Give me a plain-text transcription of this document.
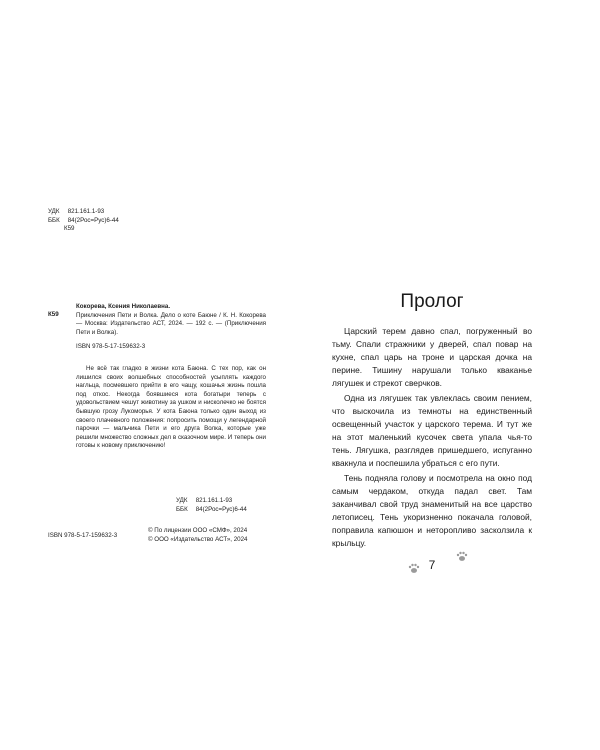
УДК 821.161.1-93
ББК 84(2Рос=Рус)6-44
К59
К59
Кокорева, Ксения Николаевна.
Приключения Пети и Волка. Дело о коте Баюне / К. Н. Кокорева — Москва: Издательство АСТ, 2024. — 192 с. — (Приключения Пети и Волка).
ISBN 978-5-17-159632-3
Не всё так гладко в жизни кота Баюна. С тех пор, как он лишился своих волшебных способностей усыплять каждого нагльца, посмевшего прийти в его чащу, кошачья жизнь пошла под откос. Некогда боявшиеся кота богатыри теперь с удовольствием чешут животину за ушком и нисколечко не боятся бывшую грозу Лукоморья. У кота Баюна только один выход из своего плачевного положения: попросить помощи у легендарной парочки — мальчика Пети и его друга Волка, которые уже решили множество сложных дел в сказочном мире. И теперь они готовы к новому приключению!
УДК 821.161.1-93
ББК 84(2Рос=Рус)6-44
ISBN 978-5-17-159632-3
© По лицензии ООО «СМФ», 2024
© ООО «Издательство АСТ», 2024
Пролог

Царский терем давно спал, погруженный во тьму. Спали стражники у дверей, спал повар на кухне, спал царь на троне и царская дочка на перине. Тишину нарушали только кваканье лягушек и стрекот сверчков.

Одна из лягушек так увлеклась своим пением, что выскочила из темноты на единственный освещенный участок у царского терема. И тут же на этот маленький кусочек света упала чья-то тень. Лягушка, разглядев пришедшего, испуганно квакнула и поспешила убраться с его пути.

Тень подняла голову и посмотрела на окно под самым чердаком, откуда падал свет. Там заканчивал свой труд знаменитый на все царство летописец. Тень укоризненно покачала головой, поправила капюшон и неторопливо засколзила к крыльцу.

7
